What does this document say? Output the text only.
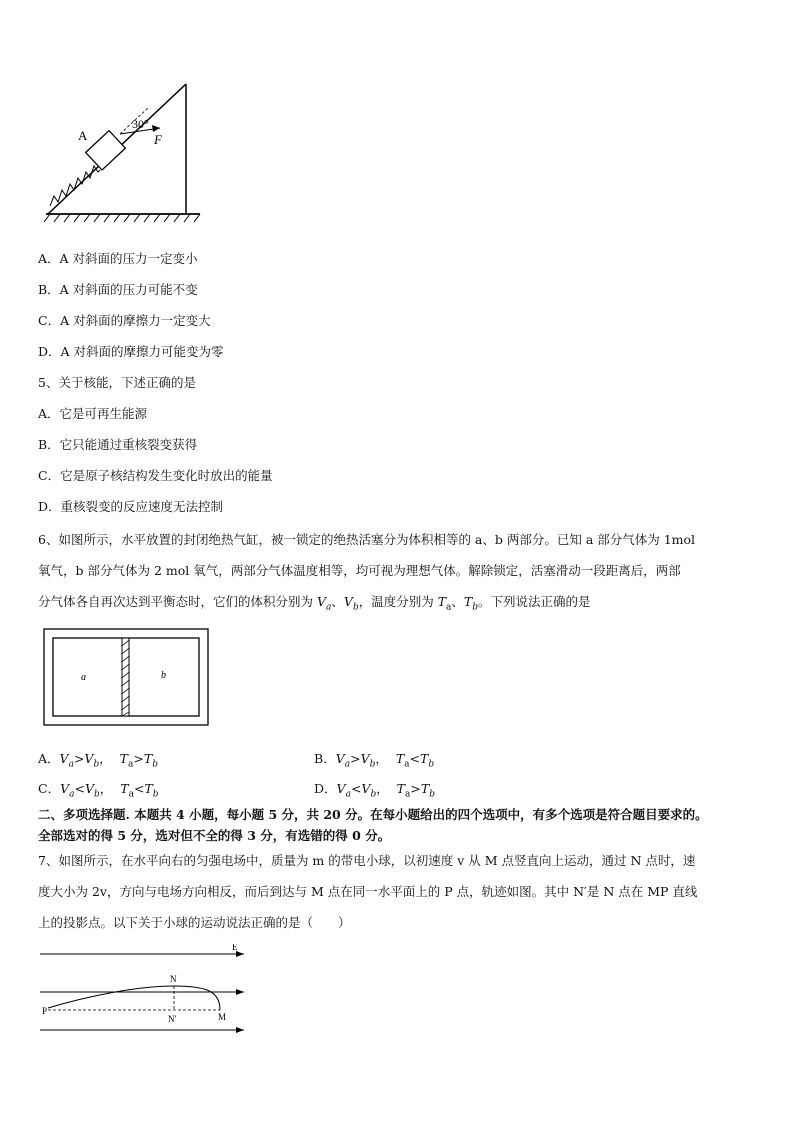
A
30°
F
A．A 对斜面的压力一定变小
B．A 对斜面的压力可能不变
C．A 对斜面的摩擦力一定变大
D．A 对斜面的摩擦力可能变为零
5、关于核能，下述正确的是
A．它是可再生能源
B．它只能通过重核裂变获得
C．它是原子核结构发生变化时放出的能量
D．重核裂变的反应速度无法控制
6、如图所示，水平放置的封闭绝热气缸，被一锁定的绝热活塞分为体积相等的 a、b 两部分。已知 a 部分气体为 1mol
氧气，b 部分气体为 2 mol 氧气，两部分气体温度相等，均可视为理想气体。解除锁定，活塞滑动一段距离后，两部
分气体各自再次达到平衡态时，它们的体积分别为 $V_a$、$V_b$，温度分别为 $T_a$、$T_b$。下列说法正确的是
a	b
A．$V_a>V_b$，  $T_a>T_b$	B．$V_a>V_b$，  $T_a<T_b$
C．$V_a<V_b$，  $T_a<T_b$	D．$V_a<V_b$，  $T_a>T_b$
二、多项选择题. 本题共 4 小题，每小题 5 分，共 20 分。在每小题给出的四个选项中，有多个选项是符合题目要求的。
全部选对的得 5 分，选对但不全的得 3 分，有选错的得 0 分。
7、如图所示，在水平向右的匀强电场中，质量为 m 的带电小球，以初速度 v 从 M 点竖直向上运动，通过 N 点时，速
度大小为 2v，方向与电场方向相反，而后到达与 M 点在同一水平面上的 P 点，轨迹如图。其中 N′是 N 点在 MP 直线
上的投影点。以下关于小球的运动说法正确的是（　　）
E
N
N′
P
M
